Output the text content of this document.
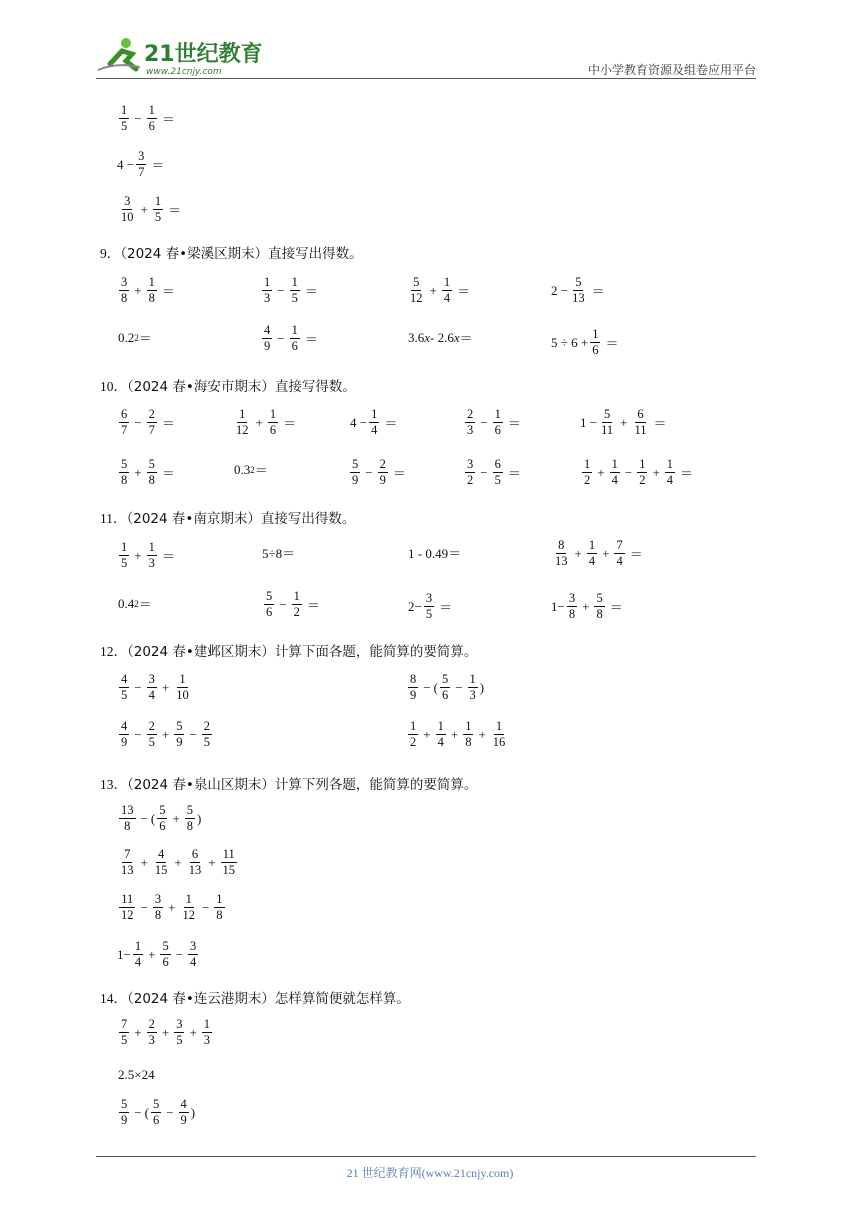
21世纪教育
www.21cnjy.com	中小学教育资源及组卷应用平台
$\frac{1}{5} - \frac{1}{6}$ ＝
$4 - \frac{3}{7}$ ＝
$\frac{3}{10} + \frac{1}{5}$ ＝
9．（2024 春•梁溪区期末）直接写出得数。
$\frac{3}{8} + \frac{1}{8}$ ＝	$\frac{1}{3} - \frac{1}{5}$ ＝	$\frac{5}{12} + \frac{1}{4}$ ＝	$2 - \frac{5}{13}$ ＝
0.2 2 ＝	$\frac{4}{9} - \frac{1}{6}$ ＝	3.6 x - 2.6 x ＝	$5 \div 6 + \frac{1}{6}$ ＝
10．（2024 春•海安市期末）直接写得数。
$\frac{6}{7} - \frac{2}{7}$ ＝	$\frac{1}{12} + \frac{1}{6}$ ＝	$4 - \frac{1}{4}$ ＝	$\frac{2}{3} - \frac{1}{6}$ ＝	$1 - \frac{5}{11} + \frac{6}{11}$ ＝
$\frac{5}{8} + \frac{5}{8}$ ＝	0.3 2 ＝	$\frac{5}{9} - \frac{2}{9}$ ＝	$\frac{3}{2} - \frac{6}{5}$ ＝	$\frac{1}{2} + \frac{1}{4} - \frac{1}{2} + \frac{1}{4}$ ＝
11．（2024 春•南京期末）直接写出得数。
$\frac{1}{5} + \frac{1}{3}$ ＝	5÷8＝	1 - 0.49＝	$\frac{8}{13} + \frac{1}{4} + \frac{7}{4}$ ＝
0.4 2 ＝	$\frac{5}{6} - \frac{1}{2}$ ＝	$2- \frac{3}{5}$ ＝	$1- \frac{3}{8} + \frac{5}{8}$ ＝
12．（2024 春•建邺区期末）计算下面各题，能简算的要简算。
$\frac{4}{5} - \frac{3}{4} + \frac{1}{10}$	$\frac{8}{9}$ − ( $\frac{5}{6} - \frac{1}{3}$ )
$\frac{4}{9} - \frac{2}{5} + \frac{5}{9} - \frac{2}{5}$	$\frac{1}{2} + \frac{1}{4} + \frac{1}{8} + \frac{1}{16}$
13．（2024 春•泉山区期末）计算下列各题，能简算的要简算。
$\frac{13}{8}$ − ( $\frac{5}{6} + \frac{5}{8}$ )
$\frac{7}{13} + \frac{4}{15} + \frac{6}{13} + \frac{11}{15}$
$\frac{11}{12} - \frac{3}{8} + \frac{1}{12} - \frac{1}{8}$
$1- \frac{1}{4} + \frac{5}{6} - \frac{3}{4}$
14．（2024 春•连云港期末）怎样算简便就怎样算。
$\frac{7}{5} + \frac{2}{3} + \frac{3}{5} + \frac{1}{3}$
2.5×24
$\frac{5}{9}$ − ( $\frac{5}{6} - \frac{4}{9}$ )
21 世纪教育网(www.21cnjy.com)
